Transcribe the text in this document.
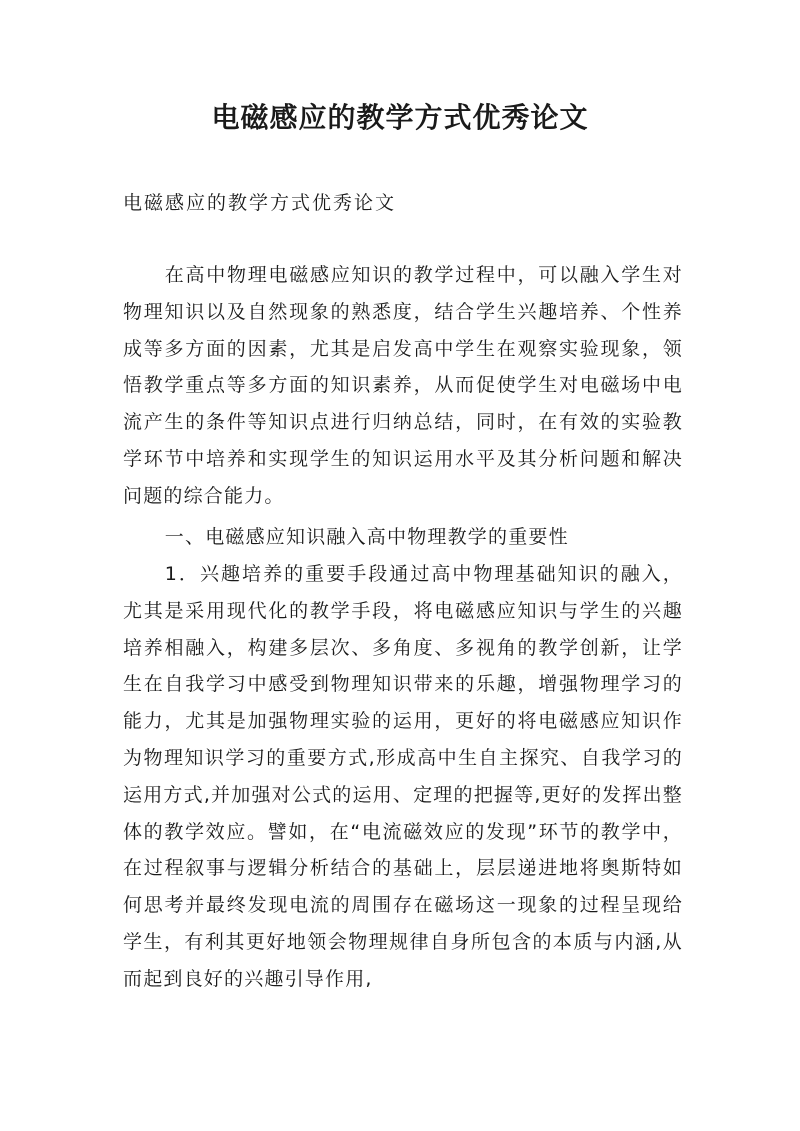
电磁感应的教学方式优秀论文
电磁感应的教学方式优秀论文

在高中物理电磁感应知识的教学过程中，可以融入学生对物理知识以及自然现象的熟悉度，结合学生兴趣培养、个性养成等多方面的因素，尤其是启发高中学生在观察实验现象，领悟教学重点等多方面的知识素养，从而促使学生对电磁场中电流产生的条件等知识点进行归纳总结，同时，在有效的实验教学环节中培养和实现学生的知识运用水平及其分析问题和解决问题的综合能力。

一、电磁感应知识融入高中物理教学的重要性

1．兴趣培养的重要手段通过高中物理基础知识的融入，尤其是采用现代化的教学手段，将电磁感应知识与学生的兴趣培养相融入，构建多层次、多角度、多视角的教学创新，让学生在自我学习中感受到物理知识带来的乐趣，增强物理学习的能力，尤其是加强物理实验的运用，更好的将电磁感应知识作为物理知识学习的重要方式,形成高中生自主探究、自我学习的运用方式,并加强对公式的运用、定理的把握等,更好的发挥出整体的教学效应。譬如，在“电流磁效应的发现”环节的教学中，在过程叙事与逻辑分析结合的基础上，层层递进地将奥斯特如何思考并最终发现电流的周围存在磁场这一现象的过程呈现给学生，有利其更好地领会物理规律自身所包含的本质与内涵,从而起到良好的兴趣引导作用,
